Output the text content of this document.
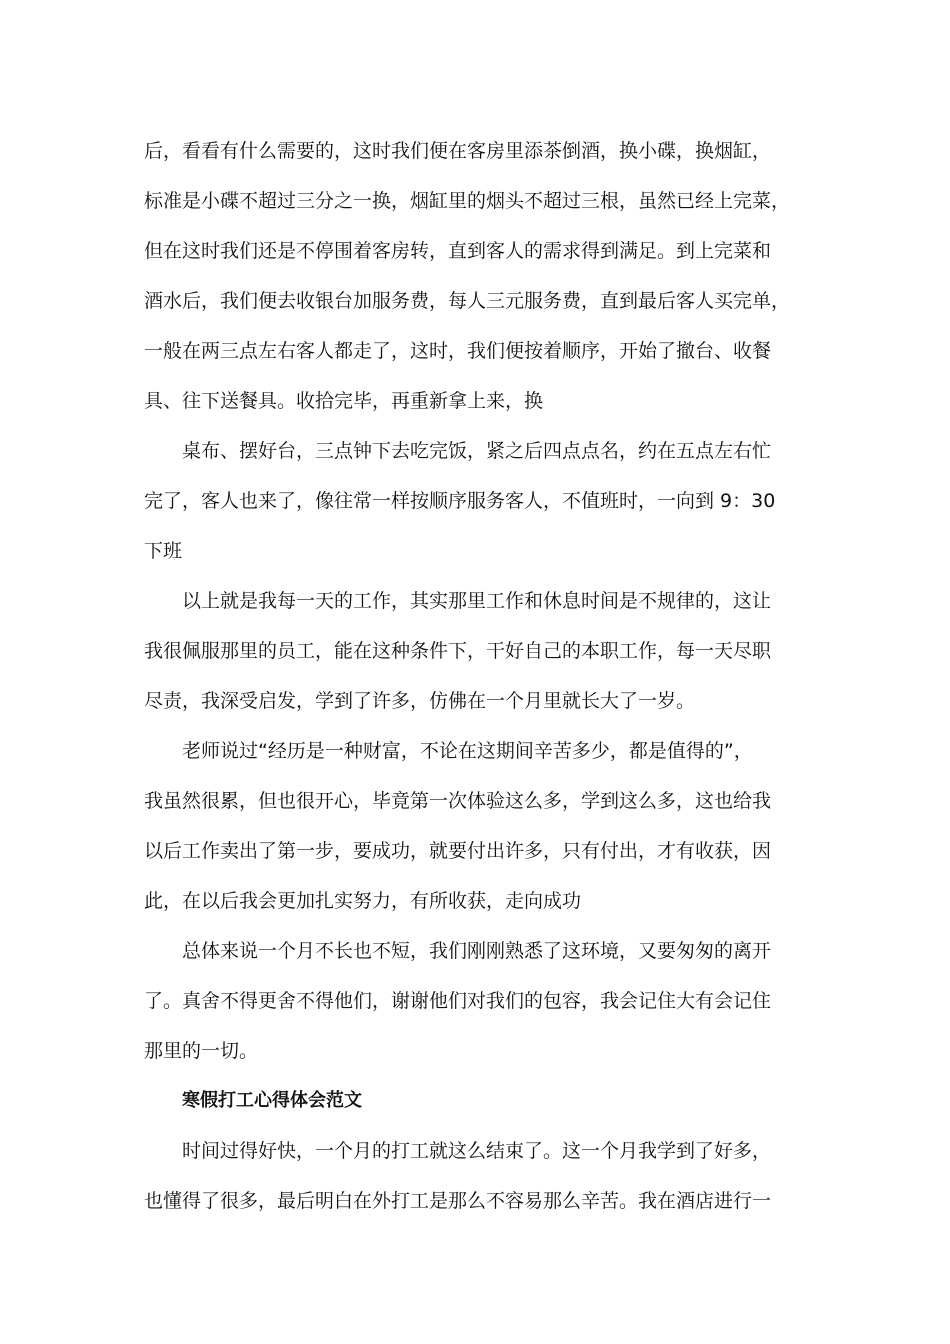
后，看看有什么需要的，这时我们便在客房里添茶倒酒，换小碟，换烟缸，
标准是小碟不超过三分之一换，烟缸里的烟头不超过三根，虽然已经上完菜，
但在这时我们还是不停围着客房转，直到客人的需求得到满足。到上完菜和
酒水后，我们便去收银台加服务费，每人三元服务费，直到最后客人买完单，
一般在两三点左右客人都走了，这时，我们便按着顺序，开始了撤台、收餐
具、往下送餐具。收拾完毕，再重新拿上来，换
桌布、摆好台，三点钟下去吃完饭，紧之后四点点名，约在五点左右忙
完了，客人也来了，像往常一样按顺序服务客人，不值班时，一向到 9：30
下班
以上就是我每一天的工作，其实那里工作和休息时间是不规律的，这让
我很佩服那里的员工，能在这种条件下，干好自己的本职工作，每一天尽职
尽责，我深受启发，学到了许多，仿佛在一个月里就长大了一岁。
老师说过“经历是一种财富，不论在这期间辛苦多少，都是值得的”，
我虽然很累，但也很开心，毕竟第一次体验这么多，学到这么多，这也给我
以后工作卖出了第一步，要成功，就要付出许多，只有付出，才有收获，因
此，在以后我会更加扎实努力，有所收获，走向成功
总体来说一个月不长也不短，我们刚刚熟悉了这环境，又要匆匆的离开
了。真舍不得更舍不得他们，谢谢他们对我们的包容，我会记住大有会记住
那里的一切。
寒假打工心得体会范文
时间过得好快，一个月的打工就这么结束了。这一个月我学到了好多，
也懂得了很多，最后明白在外打工是那么不容易那么辛苦。我在酒店进行一
